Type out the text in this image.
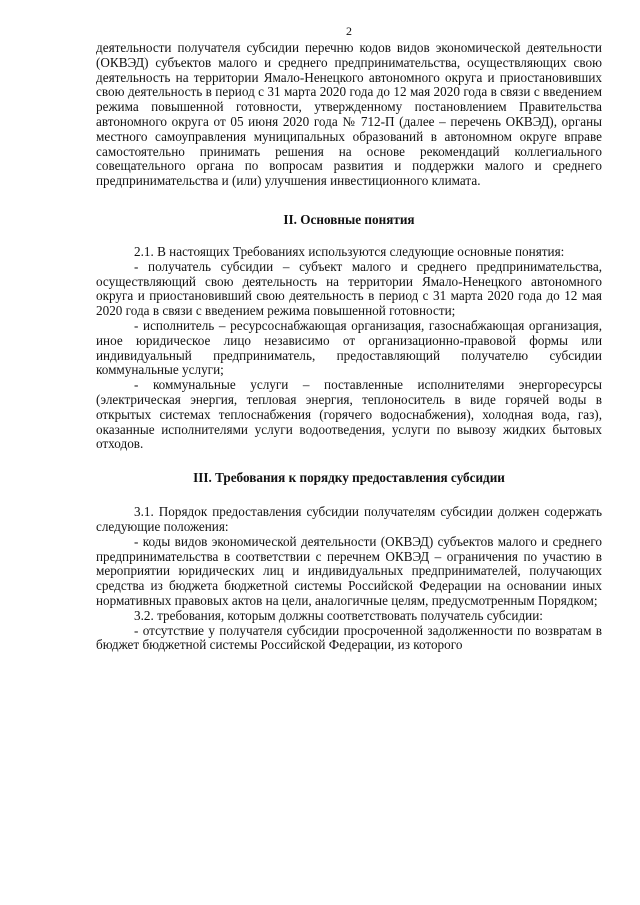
2

деятельности получателя субсидии перечню кодов видов экономической деятельности (ОКВЭД) субъектов малого и среднего предпринимательства, осуществляющих свою деятельность на территории Ямало-Ненецкого автономного округа и приостановивших свою деятельность в период с 31 марта 2020 года до 12 мая 2020 года в связи с введением режима повышенной готовности, утвержденному постановлением Правительства автономного округа от 05 июня 2020 года № 712-П (далее – перечень ОКВЭД), органы местного самоуправления муниципальных образований в автономном округе вправе самостоятельно принимать решения на основе рекомендаций коллегиального совещательного органа по вопросам развития и поддержки малого и среднего предпринимательства и (или) улучшения инвестиционного климата.

II. Основные понятия

2.1. В настоящих Требованиях используются следующие основные понятия:

- получатель субсидии – субъект малого и среднего предпринимательства, осуществляющий свою деятельность на территории Ямало-Ненецкого автономного округа и приостановивший свою деятельность в период с 31 марта 2020 года до 12 мая 2020 года в связи с введением режима повышенной готовности;

- исполнитель – ресурсоснабжающая организация, газоснабжающая организация, иное юридическое лицо независимо от организационно-правовой формы или индивидуальный предприниматель, предоставляющий получателю субсидии коммунальные услуги;

- коммунальные услуги – поставленные исполнителями энергоресурсы (электрическая энергия, тепловая энергия, теплоноситель в виде горячей воды в открытых системах теплоснабжения (горячего водоснабжения), холодная вода, газ), оказанные исполнителями услуги водоотведения, услуги по вывозу жидких бытовых отходов.

III. Требования к порядку предоставления субсидии

3.1. Порядок предоставления субсидии получателям субсидии должен содержать следующие положения:

- коды видов экономической деятельности (ОКВЭД) субъектов малого и среднего предпринимательства в соответствии с перечнем ОКВЭД – ограничения по участию в мероприятии юридических лиц и индивидуальных предпринимателей, получающих средства из бюджета бюджетной системы Российской Федерации на основании иных нормативных правовых актов на цели, аналогичные целям, предусмотренным Порядком;

3.2. требования, которым должны соответствовать получатель субсидии:

- отсутствие у получателя субсидии просроченной задолженности по возвратам в бюджет бюджетной системы Российской Федерации, из которого
